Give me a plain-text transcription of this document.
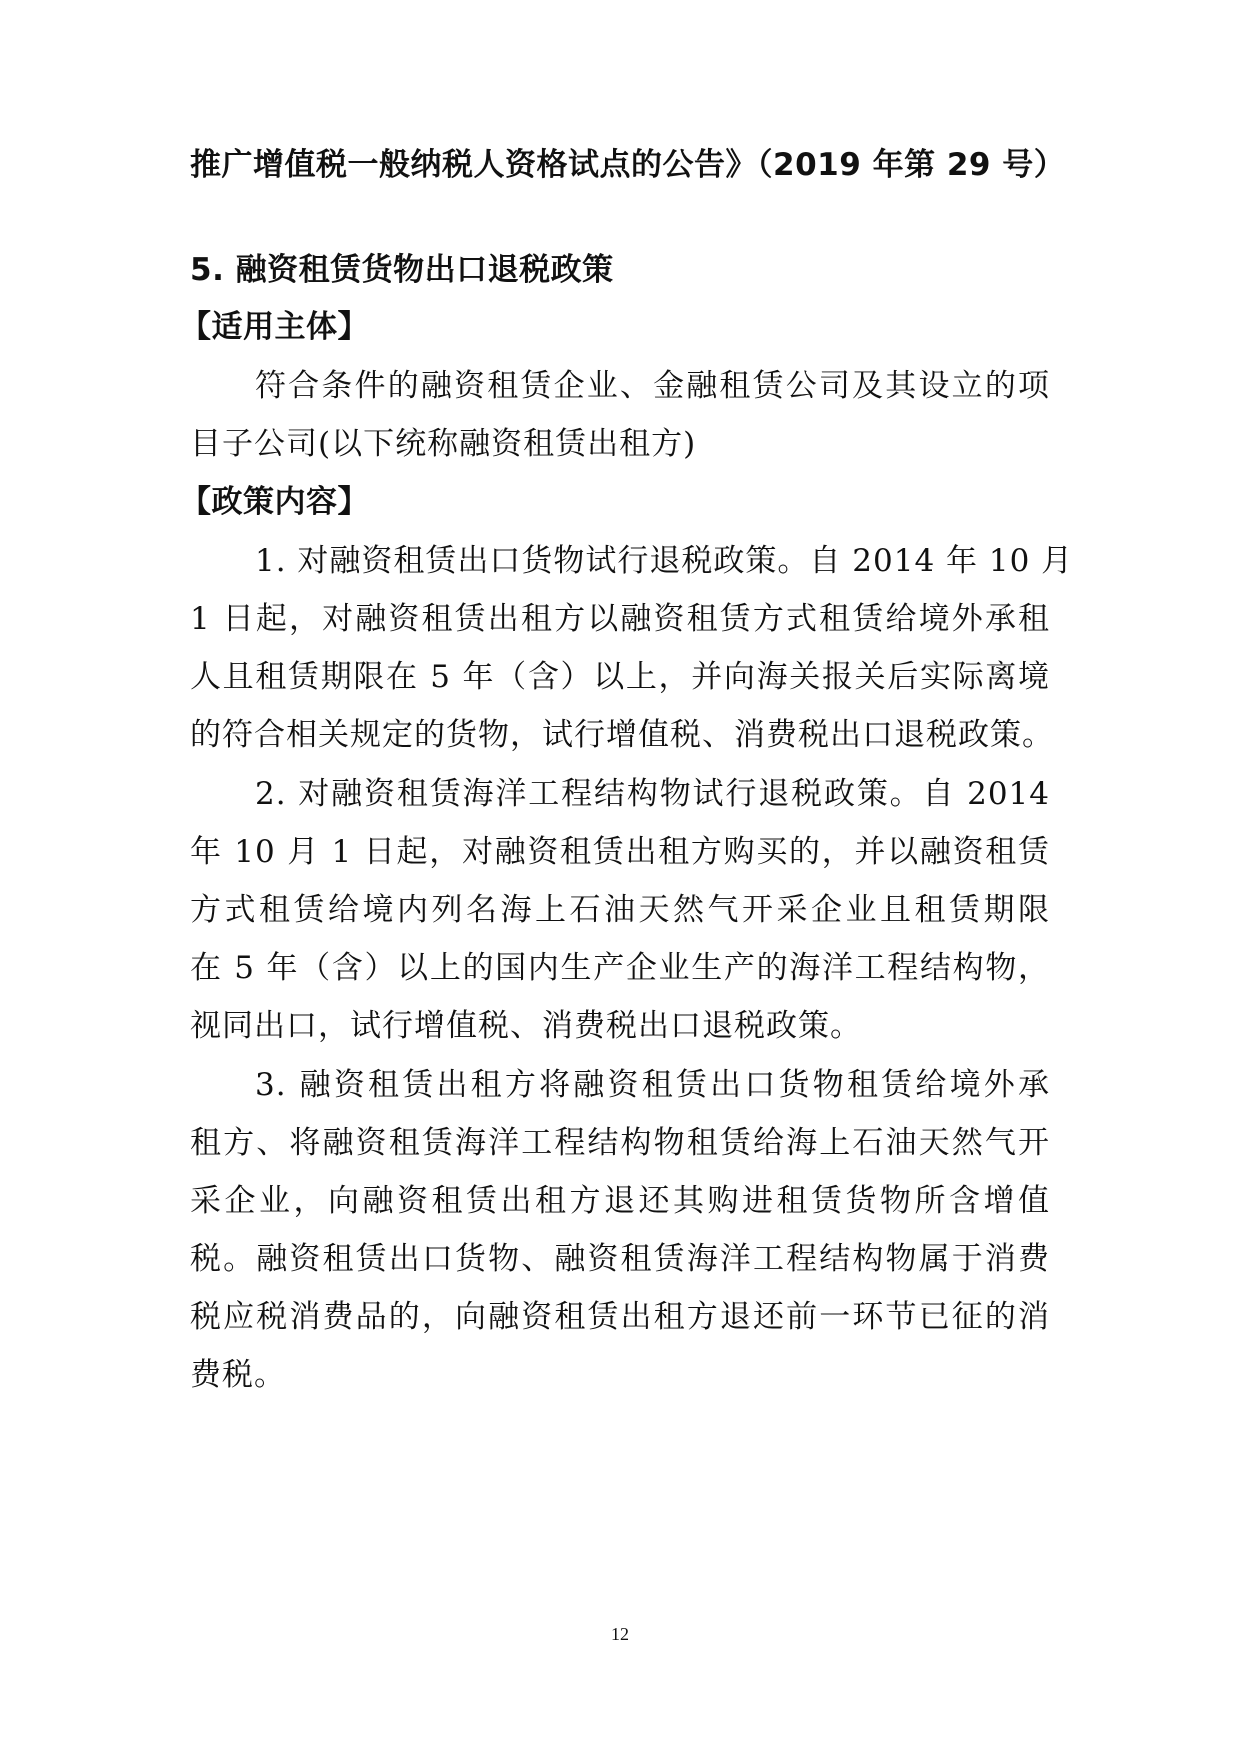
推广增值税一般纳税人资格试点的公告》（2019 年第 29 号）
5. 融资租赁货物出口退税政策
【适用主体】
符合条件的融资租赁企业、金融租赁公司及其设立的项
目子公司(以下统称融资租赁出租方)
【政策内容】
1. 对融资租赁出口货物试行退税政策。自 2014 年 10 月
1 日起，对融资租赁出租方以融资租赁方式租赁给境外承租
人且租赁期限在 5 年（含）以上，并向海关报关后实际离境
的符合相关规定的货物，试行增值税、消费税出口退税政策。
2. 对融资租赁海洋工程结构物试行退税政策。自 2014
年 10 月 1 日起，对融资租赁出租方购买的，并以融资租赁
方式租赁给境内列名海上石油天然气开采企业且租赁期限
在 5 年（含）以上的国内生产企业生产的海洋工程结构物，
视同出口，试行增值税、消费税出口退税政策。
3. 融资租赁出租方将融资租赁出口货物租赁给境外承
租方、将融资租赁海洋工程结构物租赁给海上石油天然气开
采企业，向融资租赁出租方退还其购进租赁货物所含增值
税。融资租赁出口货物、融资租赁海洋工程结构物属于消费
税应税消费品的，向融资租赁出租方退还前一环节已征的消
费税。
12
